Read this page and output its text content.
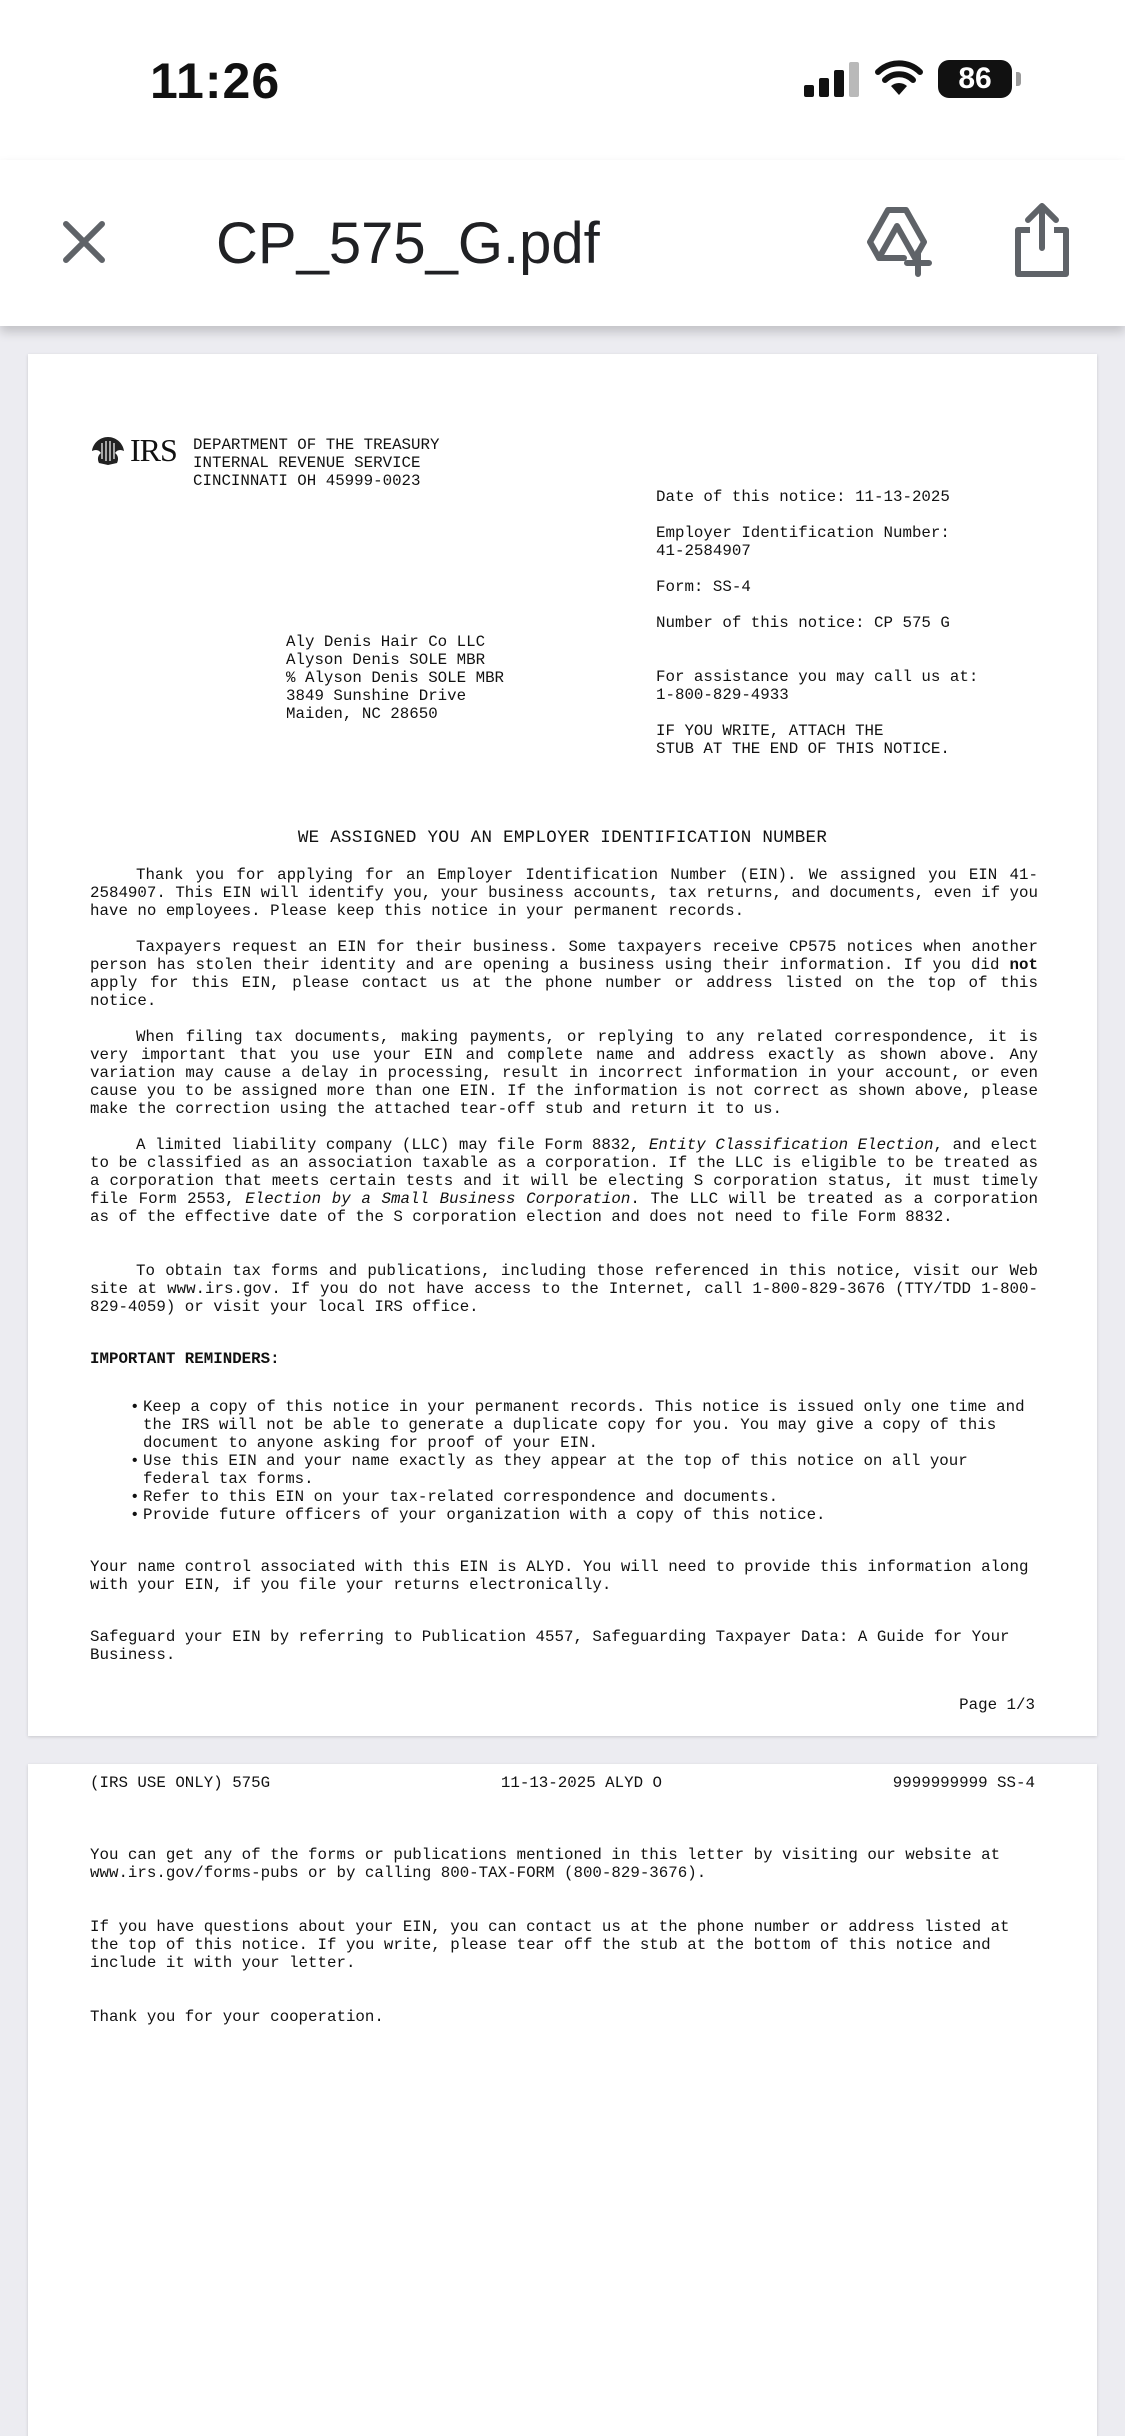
11:26	86
CP_575_G.pdf
IRS DEPARTMENT OF THE TREASURY
INTERNAL REVENUE SERVICE
CINCINNATI OH 45999-0023
Date of this notice: 11-13-2025
Employer Identification Number:
41-2584907
Form: SS-4
Number of this notice: CP 575 G
For assistance you may call us at:
1-800-829-4933
IF YOU WRITE, ATTACH THE
STUB AT THE END OF THIS NOTICE.
Aly Denis Hair Co LLC
Alyson Denis SOLE MBR
% Alyson Denis SOLE MBR
3849 Sunshine Drive
Maiden, NC 28650
WE ASSIGNED YOU AN EMPLOYER IDENTIFICATION NUMBER

Thank you for applying for an Employer Identification Number (EIN). We assigned you EIN 41-2584907. This EIN will identify you, your business accounts, tax returns, and documents, even if you have no employees. Please keep this notice in your permanent records.

Taxpayers request an EIN for their business. Some taxpayers receive CP575 notices when another person has stolen their identity and are opening a business using their information. If you did not apply for this EIN, please contact us at the phone number or address listed on the top of this notice.

When filing tax documents, making payments, or replying to any related correspondence, it is very important that you use your EIN and complete name and address exactly as shown above. Any variation may cause a delay in processing, result in incorrect information in your account, or even cause you to be assigned more than one EIN. If the information is not correct as shown above, please make the correction using the attached tear-off stub and return it to us.

A limited liability company (LLC) may file Form 8832, Entity Classification Election, and elect to be classified as an association taxable as a corporation. If the LLC is eligible to be treated as a corporation that meets certain tests and it will be electing S corporation status, it must timely file Form 2553, Election by a Small Business Corporation. The LLC will be treated as a corporation as of the effective date of the S corporation election and does not need to file Form 8832.

To obtain tax forms and publications, including those referenced in this notice, visit our Web site at www.irs.gov. If you do not have access to the Internet, call 1-800-829-3676 (TTY/TDD 1-800-829-4059) or visit your local IRS office.

IMPORTANT REMINDERS:

• Keep a copy of this notice in your permanent records. This notice is issued only one time and the IRS will not be able to generate a duplicate copy for you. You may give a copy of this document to anyone asking for proof of your EIN.
• Use this EIN and your name exactly as they appear at the top of this notice on all your federal tax forms.
• Refer to this EIN on your tax-related correspondence and documents.
• Provide future officers of your organization with a copy of this notice.

Your name control associated with this EIN is ALYD. You will need to provide this information along with your EIN, if you file your returns electronically.

Safeguard your EIN by referring to Publication 4557, Safeguarding Taxpayer Data: A Guide for Your Business.

Page 1/3
(IRS USE ONLY) 575G	11-13-2025 ALYD O	9999999999 SS-4

You can get any of the forms or publications mentioned in this letter by visiting our website at www.irs.gov/forms-pubs or by calling 800-TAX-FORM (800-829-3676).

If you have questions about your EIN, you can contact us at the phone number or address listed at the top of this notice. If you write, please tear off the stub at the bottom of this notice and include it with your letter.

Thank you for your cooperation.
